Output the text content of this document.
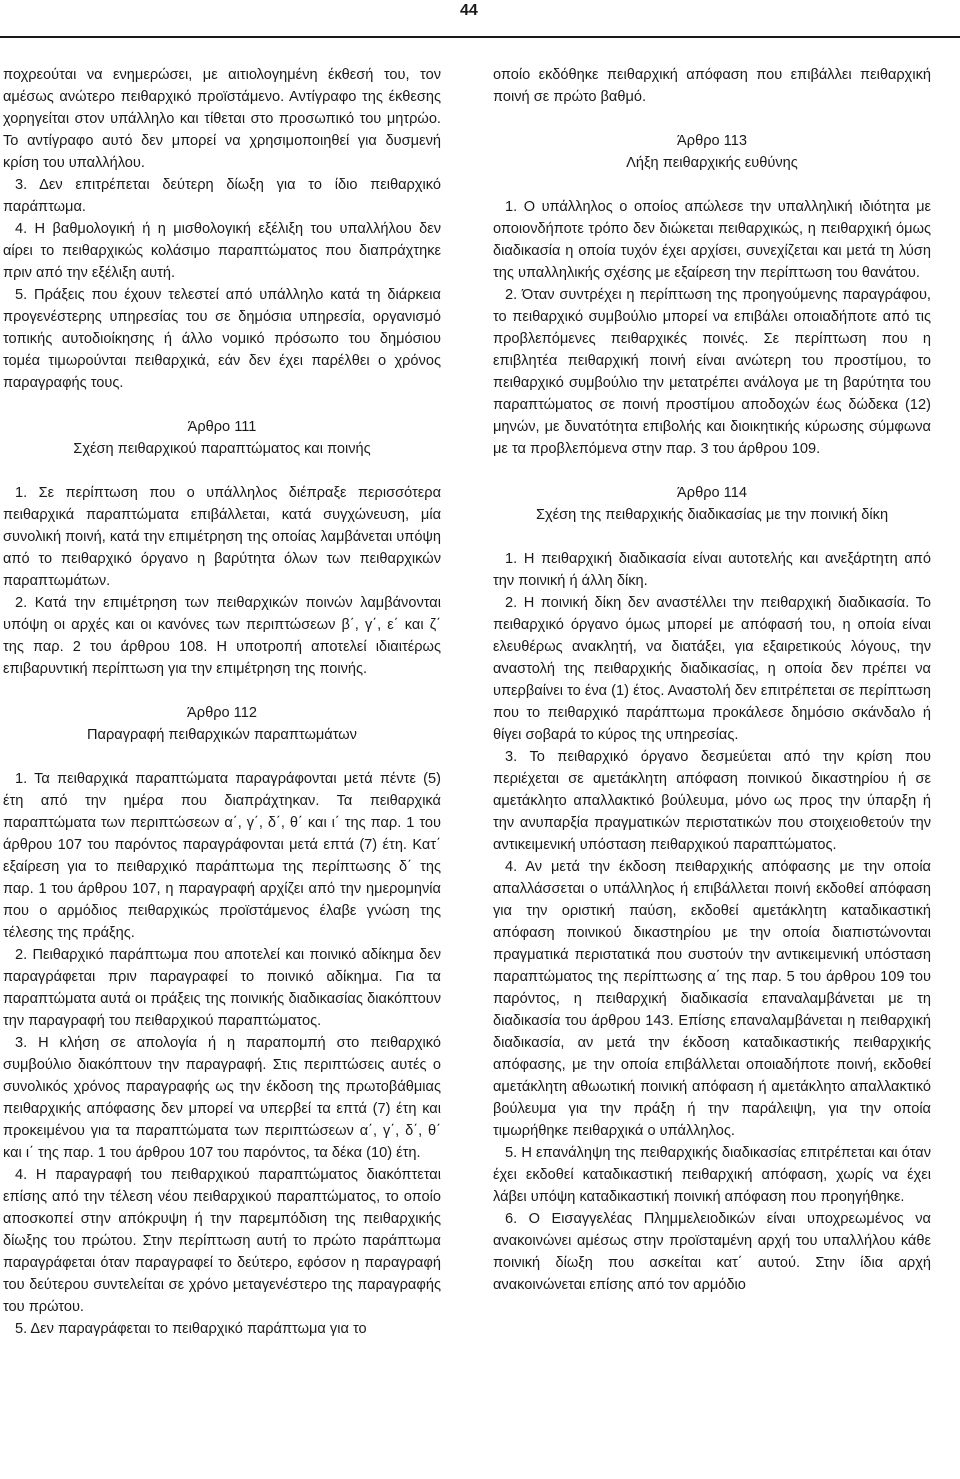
44

ποχρεούται να ενημερώσει, με αιτιολογημένη έκθεσή του, τον αμέσως ανώτερο πειθαρχικό προϊστάμενο. Αντίγραφο της έκθεσης χορηγείται στον υπάλληλο και τίθεται στο προσωπικό του μητρώο. Το αντίγραφο αυτό δεν μπορεί να χρησιμοποιηθεί για δυσμενή κρίση του υπαλλήλου.

3. Δεν επιτρέπεται δεύτερη δίωξη για το ίδιο πειθαρχικό παράπτωμα.

4. Η βαθμολογική ή η μισθολογική εξέλιξη του υπαλλήλου δεν αίρει το πειθαρχικώς κολάσιμο παραπτώματος που διαπράχτηκε πριν από την εξέλιξη αυτή.

5. Πράξεις που έχουν τελεστεί από υπάλληλο κατά τη διάρκεια προγενέστερης υπηρεσίας του σε δημόσια υπηρεσία, οργανισμό τοπικής αυτοδιοίκησης ή άλλο νομικό πρόσωπο του δημόσιου τομέα τιμωρούνται πειθαρχικά, εάν δεν έχει παρέλθει ο χρόνος παραγραφής τους.

Άρθρο 111

Σχέση πειθαρχικού παραπτώματος και ποινής

1. Σε περίπτωση που ο υπάλληλος διέπραξε περισσότερα πειθαρχικά παραπτώματα επιβάλλεται, κατά συγχώνευση, μία συνολική ποινή, κατά την επιμέτρηση της οποίας λαμβάνεται υπόψη από το πειθαρχικό όργανο η βαρύτητα όλων των πειθαρχικών παραπτωμάτων.

2. Κατά την επιμέτρηση των πειθαρχικών ποινών λαμβάνονται υπόψη οι αρχές και οι κανόνες των περιπτώσεων β΄, γ΄, ε΄ και ζ΄ της παρ. 2 του άρθρου 108. Η υποτροπή αποτελεί ιδιαιτέρως επιβαρυντική περίπτωση για την επιμέτρηση της ποινής.

Άρθρο 112

Παραγραφή πειθαρχικών παραπτωμάτων

1. Τα πειθαρχικά παραπτώματα παραγράφονται μετά πέντε (5) έτη από την ημέρα που διαπράχτηκαν. Τα πειθαρχικά παραπτώματα των περιπτώσεων α΄, γ΄, δ΄, θ΄ και ι΄ της παρ. 1 του άρθρου 107 του παρόντος παραγράφονται μετά επτά (7) έτη. Κατ΄ εξαίρεση για το πειθαρχικό παράπτωμα της περίπτωσης δ΄ της παρ. 1 του άρθρου 107, η παραγραφή αρχίζει από την ημερομηνία που ο αρμόδιος πειθαρχικώς προϊστάμενος έλαβε γνώση της τέλεσης της πράξης.

2. Πειθαρχικό παράπτωμα που αποτελεί και ποινικό αδίκημα δεν παραγράφεται πριν παραγραφεί το ποινικό αδίκημα. Για τα παραπτώματα αυτά οι πράξεις της ποινικής διαδικασίας διακόπτουν την παραγραφή του πειθαρχικού παραπτώματος.

3. Η κλήση σε απολογία ή η παραπομπή στο πειθαρχικό συμβούλιο διακόπτουν την παραγραφή. Στις περιπτώσεις αυτές ο συνολικός χρόνος παραγραφής ως την έκδοση της πρωτοβάθμιας πειθαρχικής απόφασης δεν μπορεί να υπερβεί τα επτά (7) έτη και προκειμένου για τα παραπτώματα των περιπτώσεων α΄, γ΄, δ΄, θ΄ και ι΄ της παρ. 1 του άρθρου 107 του παρόντος, τα δέκα (10) έτη.

4. Η παραγραφή του πειθαρχικού παραπτώματος διακόπτεται επίσης από την τέλεση νέου πειθαρχικού παραπτώματος, το οποίο αποσκοπεί στην απόκρυψη ή την παρεμπόδιση της πειθαρχικής δίωξης του πρώτου. Στην περίπτωση αυτή το πρώτο παράπτωμα παραγράφεται όταν παραγραφεί το δεύτερο, εφόσον η παραγραφή του δεύτερου συντελείται σε χρόνο μεταγενέστερο της παραγραφής του πρώτου.

5. Δεν παραγράφεται το πειθαρχικό παράπτωμα για το

οποίο εκδόθηκε πειθαρχική απόφαση που επιβάλλει πειθαρχική ποινή σε πρώτο βαθμό.

Άρθρο 113

Λήξη πειθαρχικής ευθύνης

1. Ο υπάλληλος ο οποίος απώλεσε την υπαλληλική ιδιότητα με οποιονδήποτε τρόπο δεν διώκεται πειθαρχικώς, η πειθαρχική όμως διαδικασία η οποία τυχόν έχει αρχίσει, συνεχίζεται και μετά τη λύση της υπαλληλικής σχέσης με εξαίρεση την περίπτωση του θανάτου.

2. Όταν συντρέχει η περίπτωση της προηγούμενης παραγράφου, το πειθαρχικό συμβούλιο μπορεί να επιβάλει οποιαδήποτε από τις προβλεπόμενες πειθαρχικές ποινές. Σε περίπτωση που η επιβλητέα πειθαρχική ποινή είναι ανώτερη του προστίμου, το πειθαρχικό συμβούλιο την μετατρέπει ανάλογα με τη βαρύτητα του παραπτώματος σε ποινή προστίμου αποδοχών έως δώδεκα (12) μηνών, με δυνατότητα επιβολής και διοικητικής κύρωσης σύμφωνα με τα προβλεπόμενα στην παρ. 3 του άρθρου 109.

Άρθρο 114

Σχέση της πειθαρχικής διαδικασίας με την ποινική δίκη

1. Η πειθαρχική διαδικασία είναι αυτοτελής και ανεξάρτητη από την ποινική ή άλλη δίκη.

2. Η ποινική δίκη δεν αναστέλλει την πειθαρχική διαδικασία. Το πειθαρχικό όργανο όμως μπορεί με απόφασή του, η οποία είναι ελευθέρως ανακλητή, να διατάξει, για εξαιρετικούς λόγους, την αναστολή της πειθαρχικής διαδικασίας, η οποία δεν πρέπει να υπερβαίνει το ένα (1) έτος. Αναστολή δεν επιτρέπεται σε περίπτωση που το πειθαρχικό παράπτωμα προκάλεσε δημόσιο σκάνδαλο ή θίγει σοβαρά το κύρος της υπηρεσίας.

3. Το πειθαρχικό όργανο δεσμεύεται από την κρίση που περιέχεται σε αμετάκλητη απόφαση ποινικού δικαστηρίου ή σε αμετάκλητο απαλλακτικό βούλευμα, μόνο ως προς την ύπαρξη ή την ανυπαρξία πραγματικών περιστατικών που στοιχειοθετούν την αντικειμενική υπόσταση πειθαρχικού παραπτώματος.

4. Αν μετά την έκδοση πειθαρχικής απόφασης με την οποία απαλλάσσεται ο υπάλληλος ή επιβάλλεται ποινή εκδοθεί απόφαση για την οριστική παύση, εκδοθεί αμετάκλητη καταδικαστική απόφαση ποινικού δικαστηρίου με την οποία διαπιστώνονται πραγματικά περιστατικά που συστούν την αντικειμενική υπόσταση παραπτώματος της περίπτωσης α΄ της παρ. 5 του άρθρου 109 του παρόντος, η πειθαρχική διαδικασία επαναλαμβάνεται με τη διαδικασία του άρθρου 143. Επίσης επαναλαμβάνεται η πειθαρχική διαδικασία, αν μετά την έκδοση καταδικαστικής πειθαρχικής απόφασης, με την οποία επιβάλλεται οποιαδήποτε ποινή, εκδοθεί αμετάκλητη αθωωτική ποινική απόφαση ή αμετάκλητο απαλλακτικό βούλευμα για την πράξη ή την παράλειψη, για την οποία τιμωρήθηκε πειθαρχικά ο υπάλληλος.

5. Η επανάληψη της πειθαρχικής διαδικασίας επιτρέπεται και όταν έχει εκδοθεί καταδικαστική πειθαρχική απόφαση, χωρίς να έχει λάβει υπόψη καταδικαστική ποινική απόφαση που προηγήθηκε.

6. Ο Εισαγγελέας Πλημμελειοδικών είναι υποχρεωμένος να ανακοινώνει αμέσως στην προϊσταμένη αρχή του υπαλλήλου κάθε ποινική δίωξη που ασκείται κατ΄ αυτού. Στην ίδια αρχή ανακοινώνεται επίσης από τον αρμόδιο
